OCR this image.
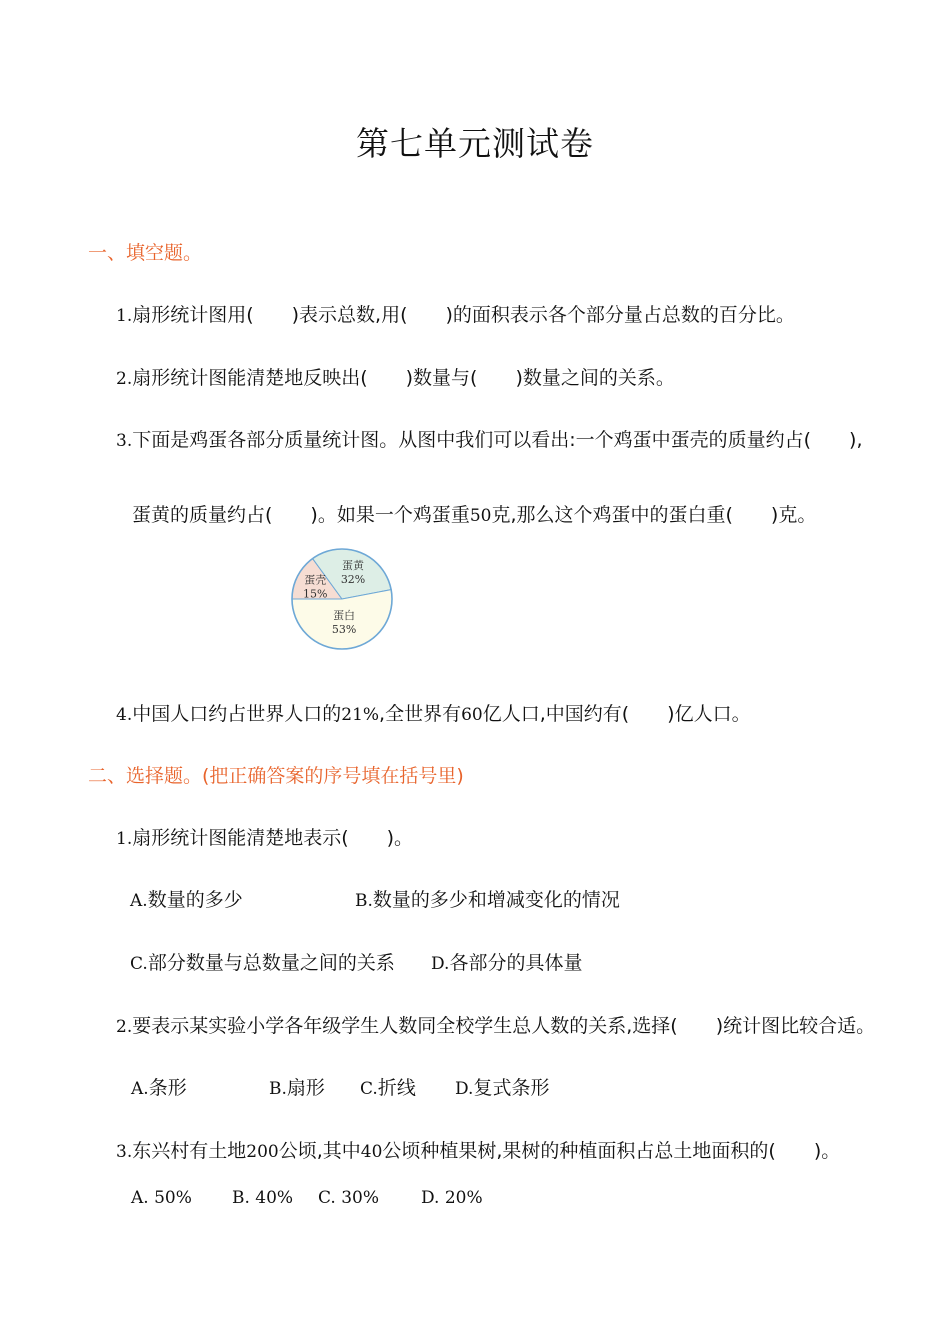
第七单元测试卷
一、填空题。
1.扇形统计图用(　　)表示总数,用(　　)的面积表示各个部分量占总数的百分比。
2.扇形统计图能清楚地反映出(　　)数量与(　　)数量之间的关系。
3.下面是鸡蛋各部分质量统计图。从图中我们可以看出:一个鸡蛋中蛋壳的质量约占(　　),
蛋黄的质量约占(　　)。如果一个鸡蛋重50克,那么这个鸡蛋中的蛋白重(　　)克。
蛋壳
15%
蛋黄
32%
蛋白
53%
4.中国人口约占世界人口的21%,全世界有60亿人口,中国约有(　　)亿人口。
二、选择题。(把正确答案的序号填在括号里)
1.扇形统计图能清楚地表示(　　)。
A.数量的多少	B.数量的多少和增减变化的情况
C.部分数量与总数量之间的关系 D.各部分的具体量
2.要表示某实验小学各年级学生人数同全校学生总人数的关系,选择(　　)统计图比较合适。
A.条形	B.扇形 C.折线 D.复式条形
3.东兴村有土地200公顷,其中40公顷种植果树,果树的种植面积占总土地面积的(　　)。
A. 50% B. 40% C. 30% D. 20%
